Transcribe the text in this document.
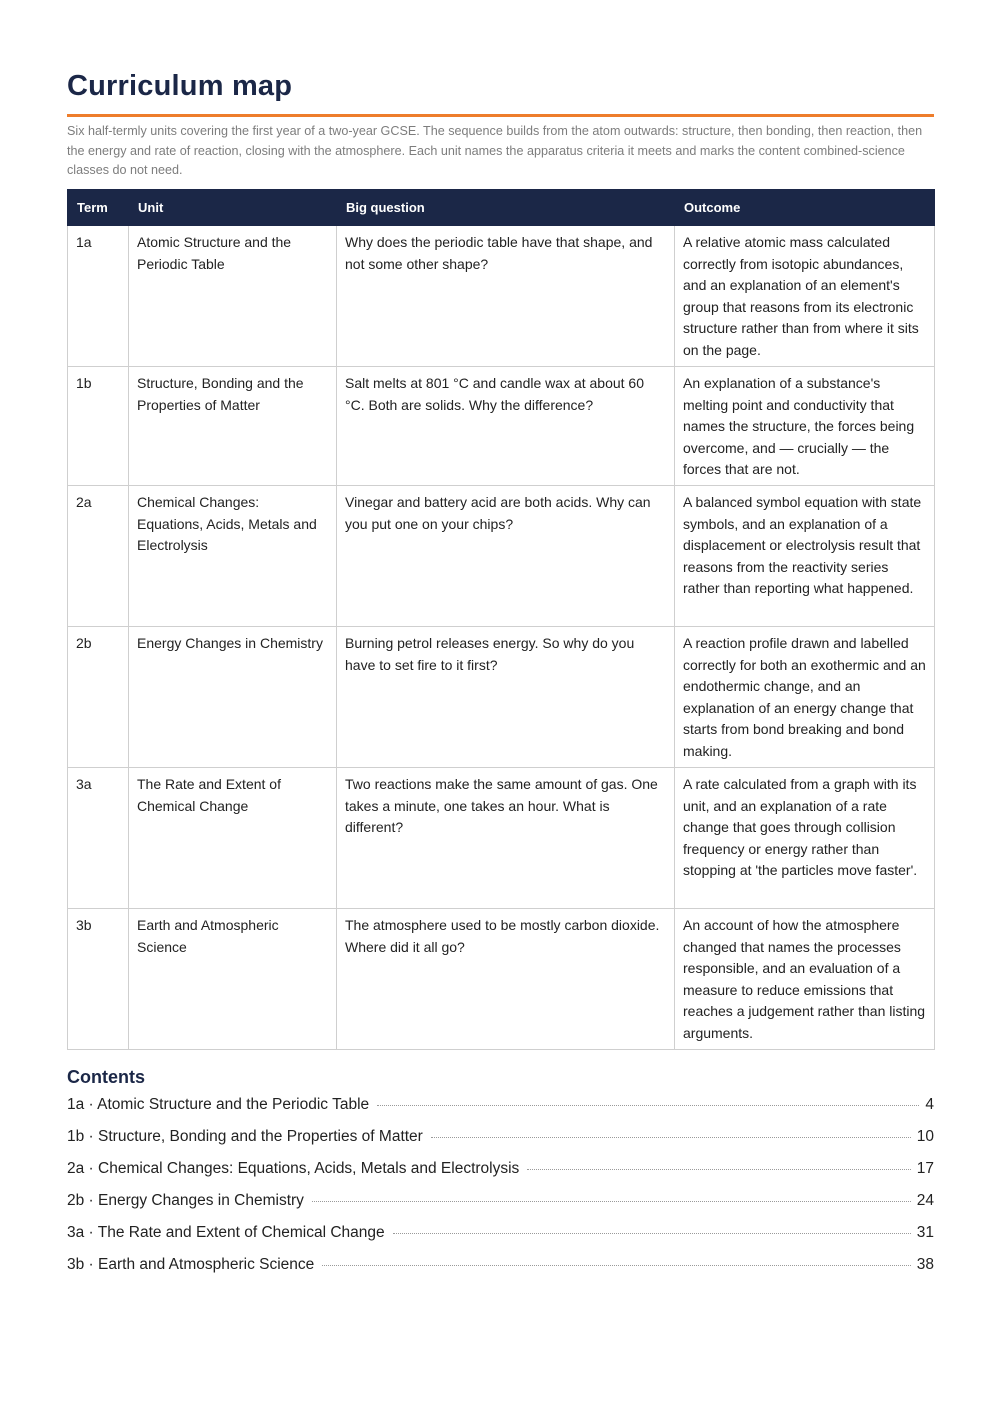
Curriculum map

Six half-termly units covering the first year of a two-year GCSE. The sequence builds from the atom outwards: structure, then bonding, then reaction, then the energy and rate of reaction, closing with the atmosphere. Each unit names the apparatus criteria it meets and marks the content combined-science classes do not need.

Term	Unit	Big question	Outcome
1a	Atomic Structure and the Periodic Table	Why does the periodic table have that shape, and not some other shape?	A relative atomic mass calculated correctly from isotopic abundances, and an explanation of an element's group that reasons from its electronic structure rather than from where it sits on the page.
1b	Structure, Bonding and the Properties of Matter	Salt melts at 801 °C and candle wax at about 60 °C. Both are solids. Why the difference?	An explanation of a substance's melting point and conductivity that names the structure, the forces being overcome, and — crucially — the forces that are not.
2a	Chemical Changes: Equations, Acids, Metals and Electrolysis	Vinegar and battery acid are both acids. Why can you put one on your chips?	A balanced symbol equation with state symbols, and an explanation of a displacement or electrolysis result that reasons from the reactivity series rather than reporting what happened.
2b	Energy Changes in Chemistry	Burning petrol releases energy. So why do you have to set fire to it first?	A reaction profile drawn and labelled correctly for both an exothermic and an endothermic change, and an explanation of an energy change that starts from bond breaking and bond making.
3a	The Rate and Extent of Chemical Change	Two reactions make the same amount of gas. One takes a minute, one takes an hour. What is different?	A rate calculated from a graph with its unit, and an explanation of a rate change that goes through collision frequency or energy rather than stopping at 'the particles move faster'.
3b	Earth and Atmospheric Science	The atmosphere used to be mostly carbon dioxide. Where did it all go?	An account of how the atmosphere changed that names the processes responsible, and an evaluation of a measure to reduce emissions that reaches a judgement rather than listing arguments.
Contents
1a · Atomic Structure and the Periodic Table	4
1b · Structure, Bonding and the Properties of Matter	10
2a · Chemical Changes: Equations, Acids, Metals and Electrolysis	17
2b · Energy Changes in Chemistry	24
3a · The Rate and Extent of Chemical Change	31
3b · Earth and Atmospheric Science	38
